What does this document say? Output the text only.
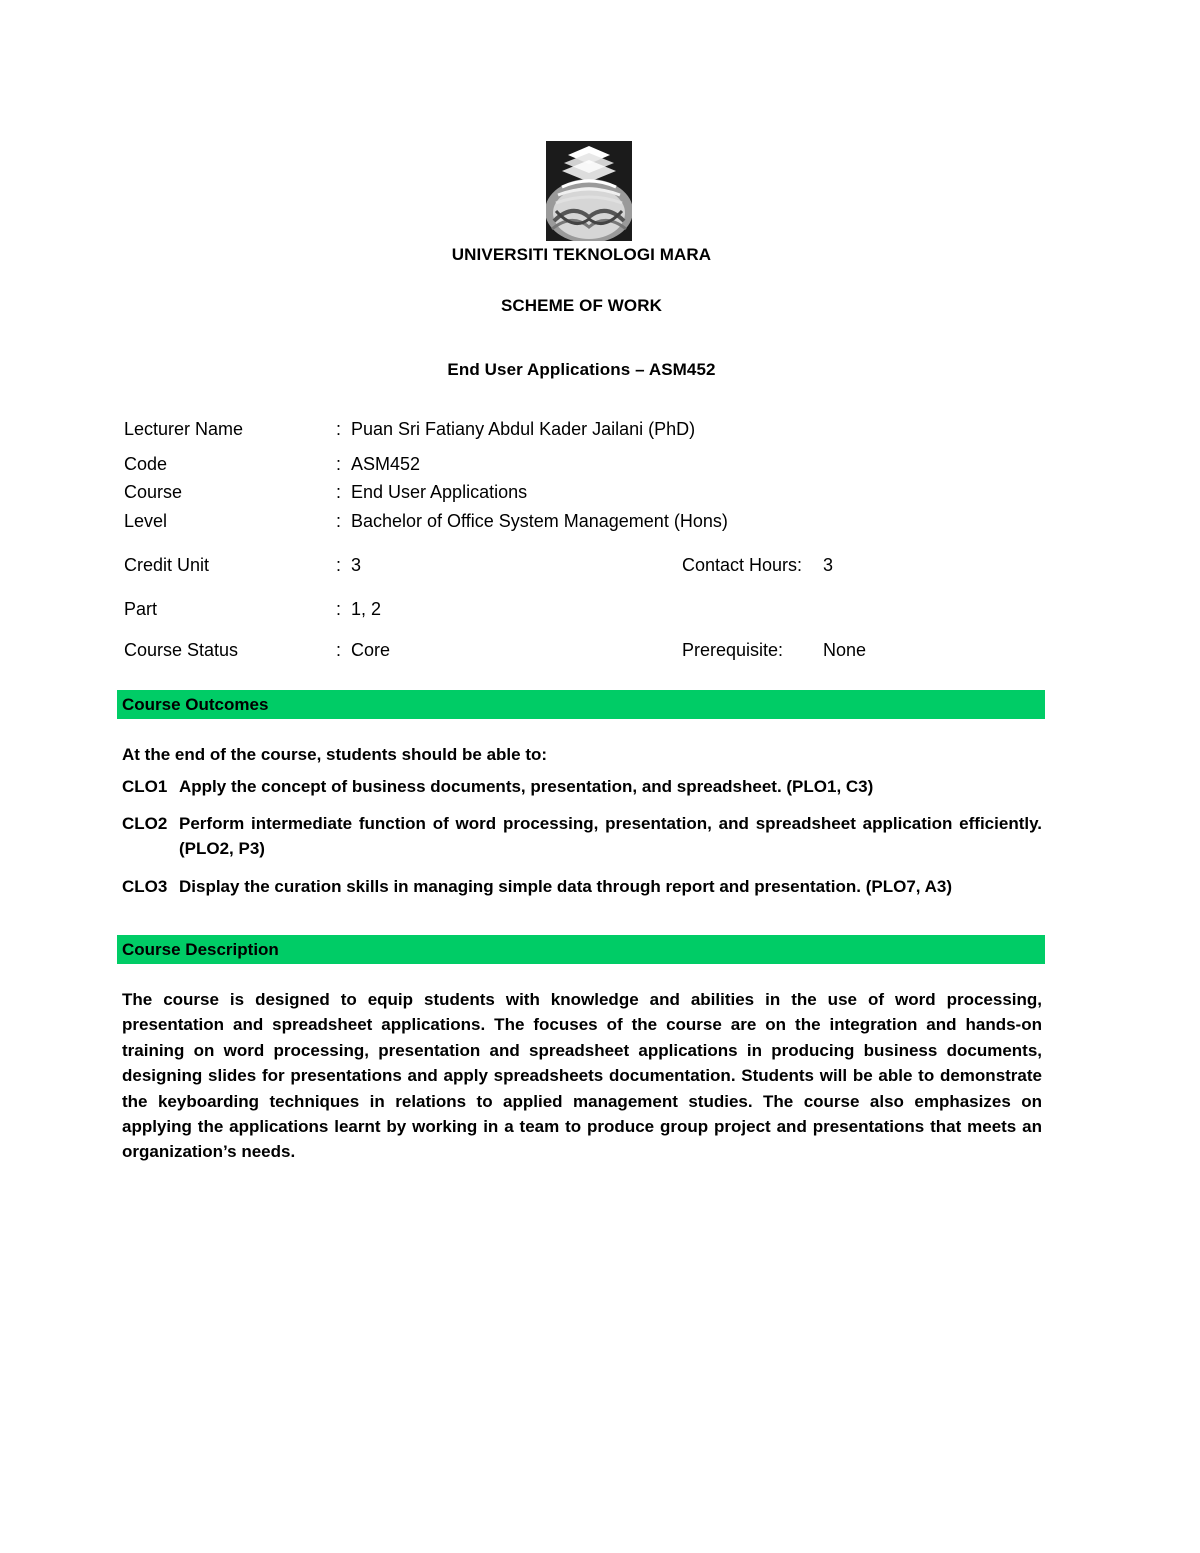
UNIVERSITI TEKNOLOGI MARA
SCHEME OF WORK
End User Applications – ASM452
Lecturer Name	: Puan Sri Fatiany Abdul Kader Jailani (PhD)
Code	: ASM452
Course	: End User Applications
Level	: Bachelor of Office System Management (Hons)
Credit Unit	: 3	Contact Hours: 3
Part	: 1, 2
Course Status	: Core	Prerequisite: None
Course Outcomes
At the end of the course, students should be able to:
CLO1 Apply the concept of business documents, presentation, and spreadsheet. (PLO1, C3)
CLO2 Perform intermediate function of word processing, presentation, and spreadsheet application efficiently. (PLO2, P3)
CLO3 Display the curation skills in managing simple data through report and presentation. (PLO7, A3)
Course Description
The course is designed to equip students with knowledge and abilities in the use of word processing, presentation and spreadsheet applications. The focuses of the course are on the integration and hands-on training on word processing, presentation and spreadsheet applications in producing business documents, designing slides for presentations and apply spreadsheets documentation. Students will be able to demonstrate the keyboarding techniques in relations to applied management studies. The course also emphasizes on applying the applications learnt by working in a team to produce group project and presentations that meets an organization’s needs.
